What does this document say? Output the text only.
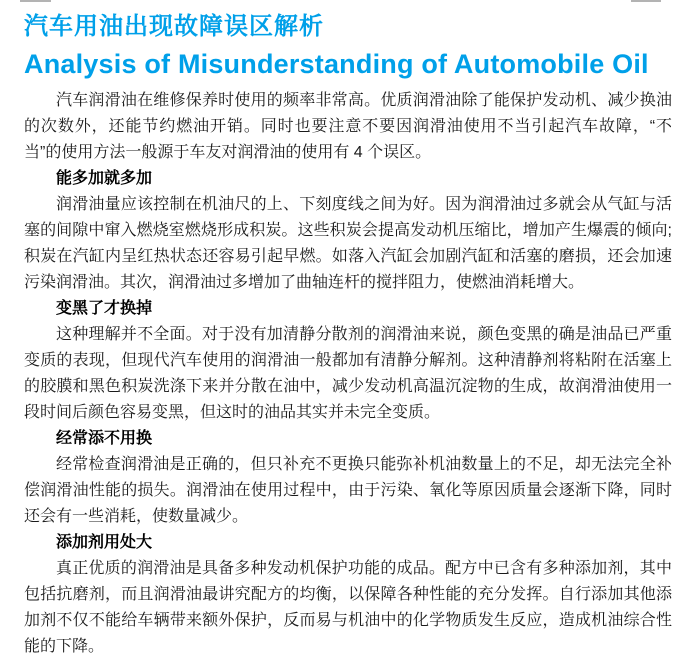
汽车用油出现故障误区解析
Analysis of Misunderstanding of Automobile Oil

汽车润滑油在维修保养时使用的频率非常高。优质润滑油除了能保护发动机、减少换油的次数外，还能节约燃油开销。同时也要注意不要因润滑油使用不当引起汽车故障，“不当”的使用方法一般源于车友对润滑油的使用有 4 个误区。

能多加就多加

润滑油量应该控制在机油尺的上、下刻度线之间为好。因为润滑油过多就会从气缸与活塞的间隙中窜入燃烧室燃烧形成积炭。这些积炭会提高发动机压缩比，增加产生爆震的倾向;积炭在汽缸内呈红热状态还容易引起早燃。如落入汽缸会加剧汽缸和活塞的磨损，还会加速污染润滑油。其次，润滑油过多增加了曲轴连杆的搅拌阻力，使燃油消耗增大。

变黑了才换掉

这种理解并不全面。对于没有加清静分散剂的润滑油来说，颜色变黑的确是油品已严重变质的表现，但现代汽车使用的润滑油一般都加有清静分解剂。这种清静剂将粘附在活塞上的胶膜和黑色积炭洗涤下来并分散在油中，减少发动机高温沉淀物的生成，故润滑油使用一段时间后颜色容易变黑，但这时的油品其实并未完全变质。

经常添不用换

经常检查润滑油是正确的，但只补充不更换只能弥补机油数量上的不足，却无法完全补偿润滑油性能的损失。润滑油在使用过程中，由于污染、氧化等原因质量会逐渐下降，同时还会有一些消耗，使数量减少。

添加剂用处大

真正优质的润滑油是具备多种发动机保护功能的成品。配方中已含有多种添加剂，其中包括抗磨剂，而且润滑油最讲究配方的均衡，以保障各种性能的充分发挥。自行添加其他添加剂不仅不能给车辆带来额外保护，反而易与机油中的化学物质发生反应，造成机油综合性能的下降。
